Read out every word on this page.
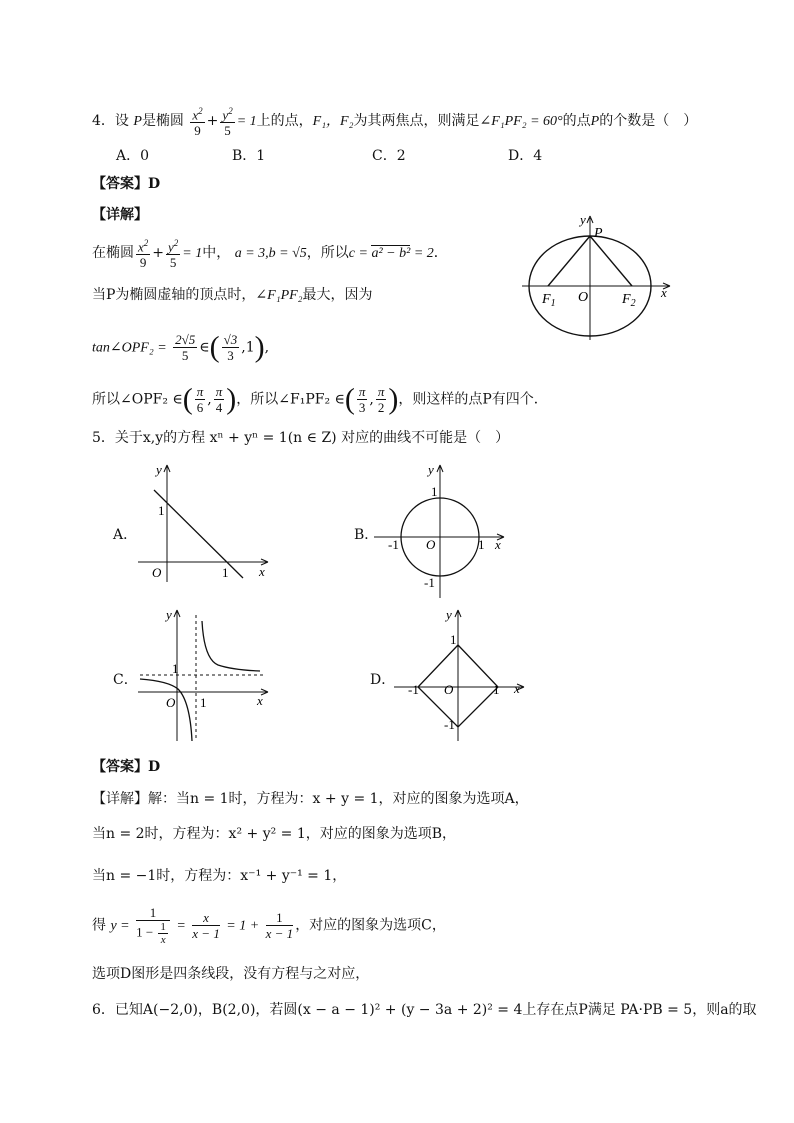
4．设 P是椭圆 $\frac{x^2}{9} + \frac{y^2}{5} = 1$上的点，F₁，F₂为其两焦点，则满足∠F₁PF₂ = 60°的点P的个数是（　）
A．0	B．1	C．2	D．4
【答案】D
【详解】
在椭圆 $\frac{x^2}{9} + \frac{y^2}{5} = 1$中， a = 3,b = √5，所以c = a² − b² = 2．
当P为椭圆虚轴的顶点时，∠F₁PF₂最大，因为
tan∠OPF₂ = $\frac{2√5}{5}$ ∈( $\frac{√3}{3} ,1$),
所以∠OPF₂ ∈( $\frac{\pi}{6}$ , $\frac{\pi}{4}$ )，所以∠F₁PF₂ ∈( $\frac{\pi}{3}$ , $\frac{\pi}{2}$ )，则这样的点P有四个．
y
P
$F_1$ O $F_2$
x
5．关于x,y的方程 xⁿ + yⁿ = 1(n ∈ Z) 对应的曲线不可能是（　）
A．	B．
C．	D．
y
1
O	1 x
y
1
-1 O	1 x
-1
y
1
O 1	x
y
1
-1 O	1 x
-1
【答案】D
【详解】解：当n = 1时，方程为：x + y = 1，对应的图象为选项A，
当n = 2时，方程为：x² + y² = 1，对应的图象为选项B，
当n = −1时，方程为：x⁻¹ + y⁻¹ = 1，
得 $y = \frac{1}{1 - \frac{1}{x}} = \frac{x}{x - 1} = 1 + \frac{1}{x - 1}$ ，对应的图象为选项C，
选项D图形是四条线段，没有方程与之对应，
6．已知A(−2,0)，B(2,0)，若圆(x − a − 1)² + (y − 3a + 2)² = 4上存在点P满足 PA·PB = 5，则a的取
